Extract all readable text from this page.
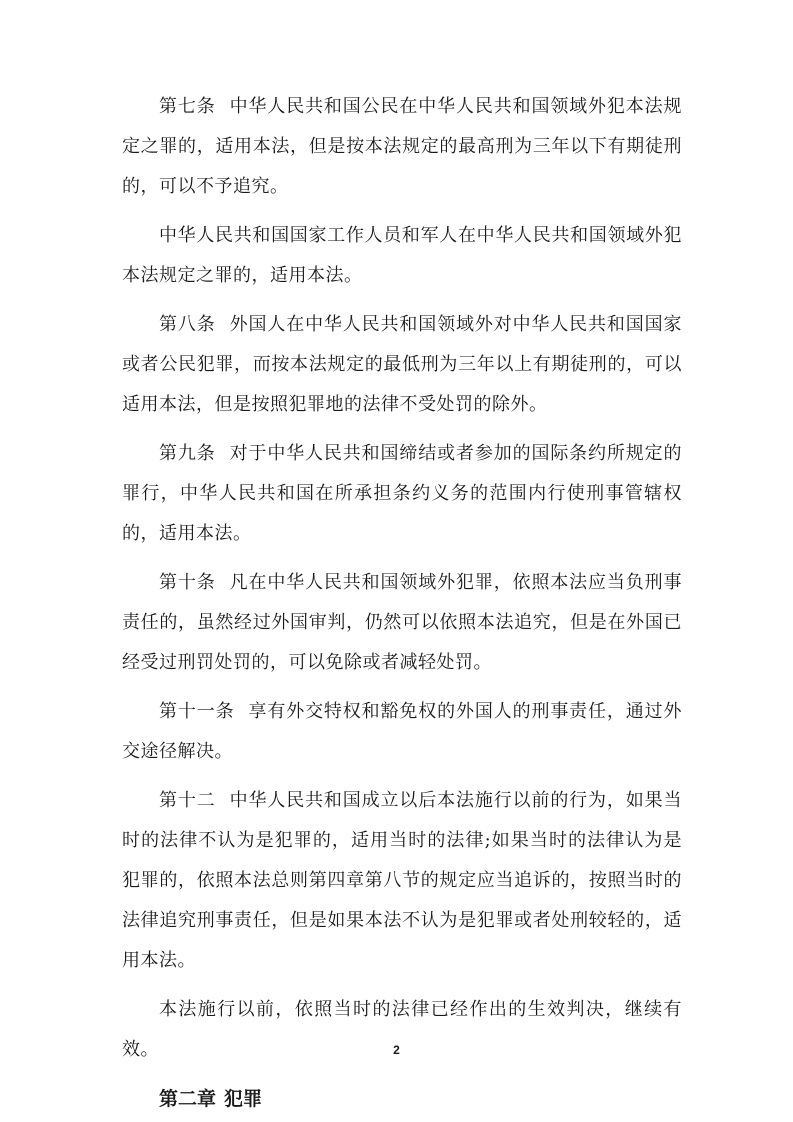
第七条 中华人民共和国公民在中华人民共和国领域外犯本法规定之罪的，适用本法，但是按本法规定的最高刑为三年以下有期徒刑的，可以不予追究。

中华人民共和国国家工作人员和军人在中华人民共和国领域外犯本法规定之罪的，适用本法。

第八条 外国人在中华人民共和国领域外对中华人民共和国国家或者公民犯罪，而按本法规定的最低刑为三年以上有期徒刑的，可以适用本法，但是按照犯罪地的法律不受处罚的除外。

第九条 对于中华人民共和国缔结或者参加的国际条约所规定的罪行，中华人民共和国在所承担条约义务的范围内行使刑事管辖权的，适用本法。

第十条 凡在中华人民共和国领域外犯罪，依照本法应当负刑事责任的，虽然经过外国审判，仍然可以依照本法追究，但是在外国已经受过刑罚处罚的，可以免除或者减轻处罚。

第十一条 享有外交特权和豁免权的外国人的刑事责任，通过外交途径解决。

第十二 中华人民共和国成立以后本法施行以前的行为，如果当时的法律不认为是犯罪的，适用当时的法律;如果当时的法律认为是犯罪的，依照本法总则第四章第八节的规定应当追诉的，按照当时的法律追究刑事责任，但是如果本法不认为是犯罪或者处刑较轻的，适用本法。

本法施行以前，依照当时的法律已经作出的生效判决，继续有效。

第二章 犯罪

2
